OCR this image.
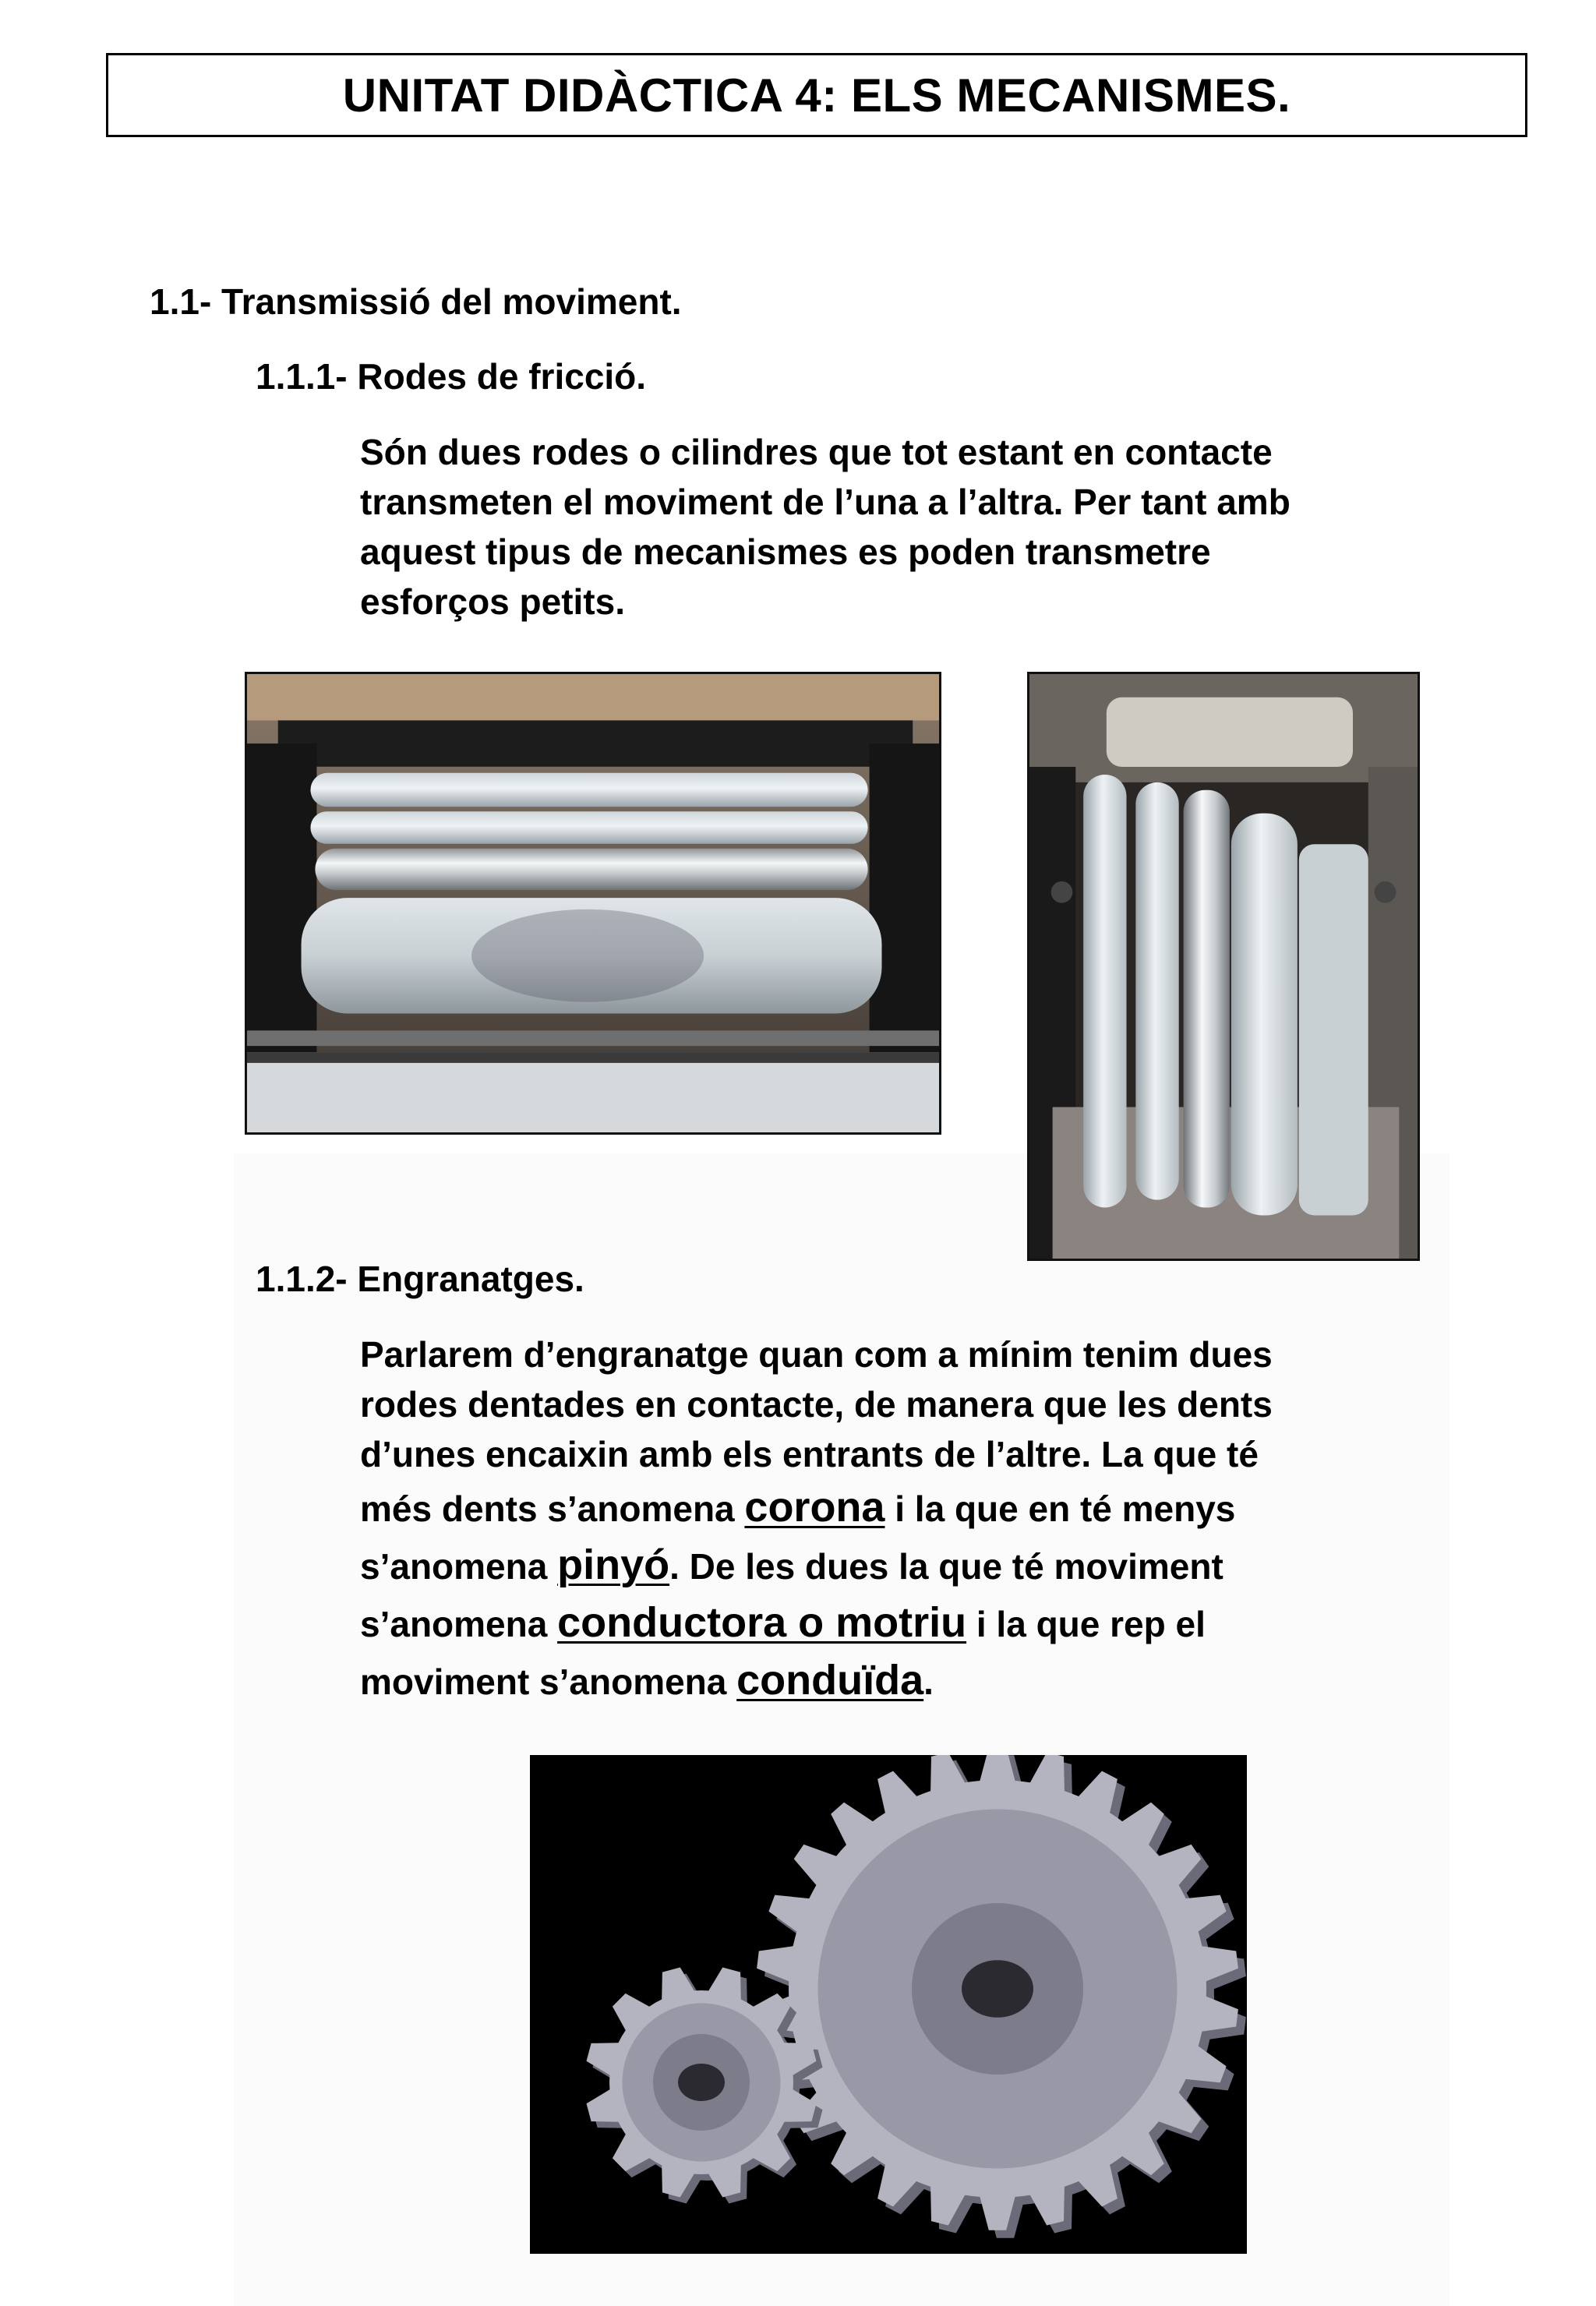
UNITAT DIDÀCTICA 4: ELS MECANISMES.
1.1- Transmissió del moviment.
1.1.1- Rodes de fricció.
Són dues rodes o cilindres que tot estant en contacte
transmeten el moviment de l’una a l’altra. Per tant amb
aquest tipus de mecanismes es poden transmetre
esforços petits.
1.1.2- Engranatges.
Parlarem d’engranatge quan com a mínim tenim dues
rodes dentades en contacte, de manera que les dents
d’unes encaixin amb els entrants de l’altre. La que té
més dents s’anomena corona i la que en té menys
s’anomena pinyó. De les dues la que té moviment
s’anomena conductora o motriu i la que rep el
moviment s’anomena conduïda.
